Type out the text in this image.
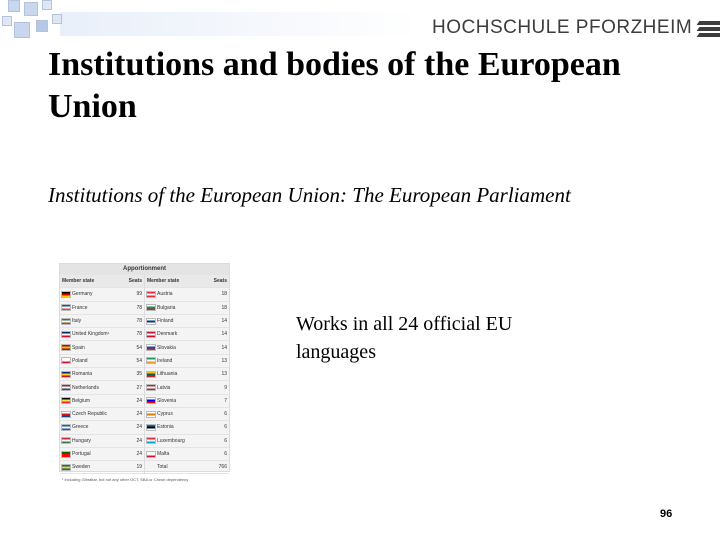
HOCHSCHULE PFORZHEIM
Institutions and bodies of the European Union
Institutions of the European Union: The European Parliament
Apportionment
Member state	Seats
Germany	99
France	78
Italy	78
United Kingdom¹	78
Spain	54
Poland	54
Romania	35
Netherlands	27
Belgium	24
Czech Republic	24
Greece	24
Hungary	24
Portugal	24
Sweden	19
Member state	Seats
Austria	18
Bulgaria	18
Finland	14
Denmark	14
Slovakia	14
Ireland	13
Lithuania	13
Latvia	9
Slovenia	7
Cyprus	6
Estonia	6
Luxembourg	6
Malta	6
Total	766
¹ Including Gibraltar, but not any other OCT, SBA or Crown dependency
Works in all 24 official EU languages
96
